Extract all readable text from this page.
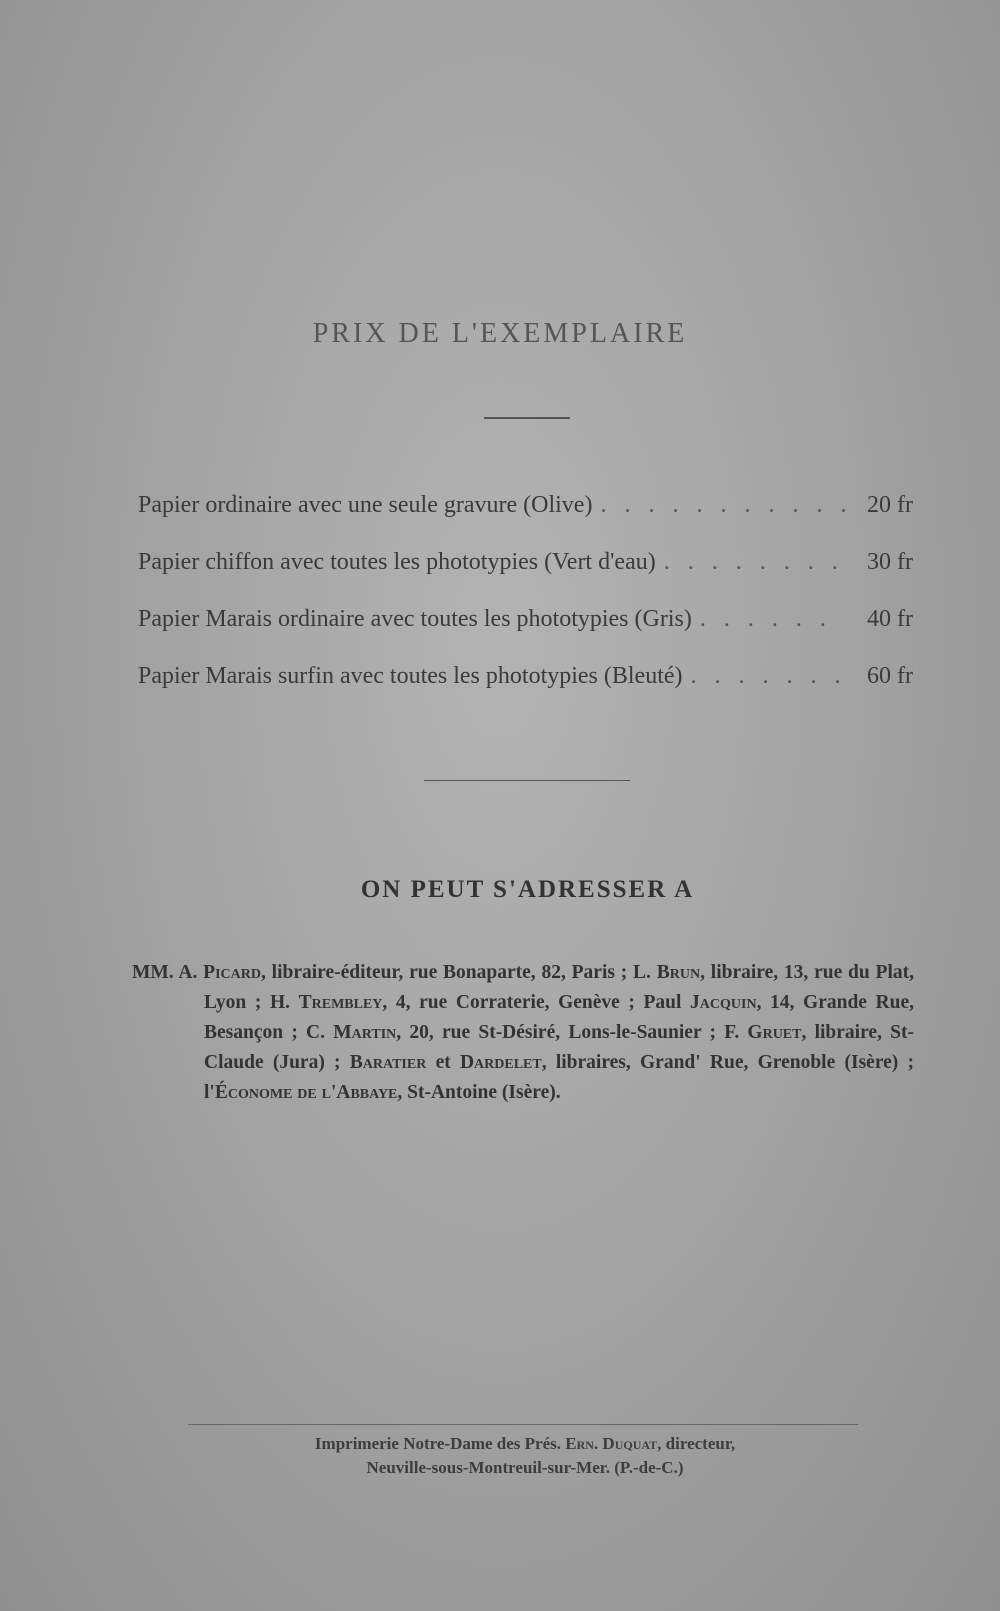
PRIX DE L'EXEMPLAIRE
Papier ordinaire avec une seule gravure (Olive) . . .	20 fr
Papier chiffon avec toutes les phototypies (Vert d'eau) . . .	30 fr
Papier Marais ordinaire avec toutes les phototypies (Gris) . . .	40 fr
Papier Marais surfin avec toutes les phototypies (Bleuté) . . .	60 fr
ON PEUT S'ADRESSER A
MM. A. Picard, libraire-éditeur, rue Bonaparte, 82, Paris ; L. Brun, libraire, 13, rue du Plat, Lyon ; H. Trembley, 4, rue Corraterie, Genève ; Paul Jacquin, 14, Grande Rue, Besançon ; C. Martin, 20, rue St-Désiré, Lons-le-Saunier ; F. Gruet, libraire, St-Claude (Jura) ; Baratier et Dardelet, libraires, Grand' Rue, Grenoble (Isère) ; l'Économe de l'Abbaye, St-Antoine (Isère).
Imprimerie Notre-Dame des Prés. Ern. Duquat, directeur,
Neuville-sous-Montreuil-sur-Mer. (P.-de-C.)
